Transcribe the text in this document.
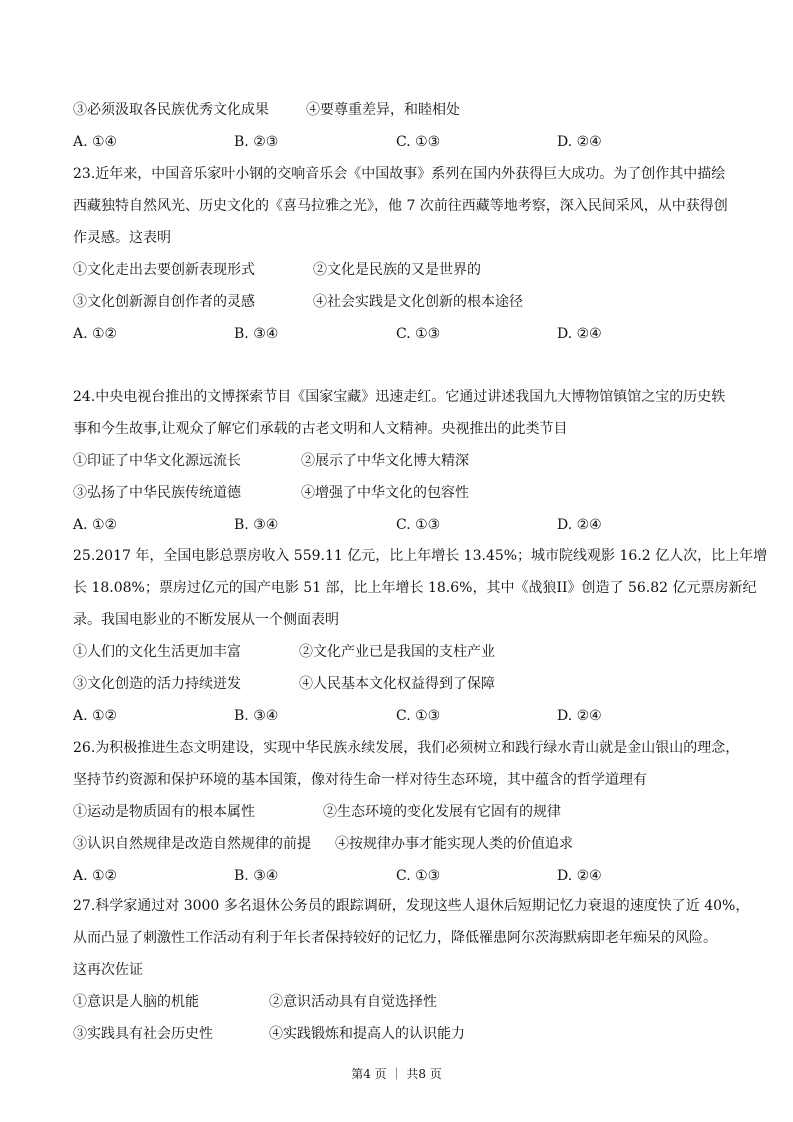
③必须汲取各民族优秀文化成果	④要尊重差异，和睦相处
A. ①④	B. ②③	C. ①③	D. ②④
23.近年来，中国音乐家叶小钢的交响音乐会《中国故事》系列在国内外获得巨大成功。为了创作其中描绘
西藏独特自然风光、历史文化的《喜马拉雅之光》，他 7 次前往西藏等地考察，深入民间采风，从中获得创
作灵感。这表明
①文化走出去要创新表现形式	②文化是民族的又是世界的
③文化创新源自创作者的灵感	④社会实践是文化创新的根本途径
A. ①②	B. ③④	C. ①③	D. ②④
24.中央电视台推出的文博探索节目《国家宝藏》迅速走红。它通过讲述我国九大博物馆镇馆之宝的历史轶
事和今生故事,让观众了解它们承载的古老文明和人文精神。央视推出的此类节目
①印证了中华文化源远流长	②展示了中华文化博大精深
③弘扬了中华民族传统道德	④增强了中华文化的包容性
A. ①②	B. ③④	C. ①③	D. ②④
25.2017 年，全国电影总票房收入 559.11 亿元，比上年增长 13.45%；城市院线观影 16.2 亿人次，比上年增
长 18.08%；票房过亿元的国产电影 51 部，比上年增长 18.6%，其中《战狼II》创造了 56.82 亿元票房新纪
录。我国电影业的不断发展从一个侧面表明
①人们的文化生活更加丰富	②文化产业已是我国的支柱产业
③文化创造的活力持续迸发	④人民基本文化权益得到了保障
A. ①②	B. ③④	C. ①③	D. ②④
26.为积极推进生态文明建设，实现中华民族永续发展，我们必须树立和践行绿水青山就是金山银山的理念，
坚持节约资源和保护环境的基本国策，像对待生命一样对待生态环境，其中蕴含的哲学道理有
①运动是物质固有的根本属性	②生态环境的变化发展有它固有的规律
③认识自然规律是改造自然规律的前提 ④按规律办事才能实现人类的价值追求
A. ①②	B. ③④	C. ①③	D. ②④
27.科学家通过对 3000 多名退休公务员的跟踪调研，发现这些人退休后短期记忆力衰退的速度快了近 40%，
从而凸显了刺激性工作活动有利于年长者保持较好的记忆力，降低罹患阿尔茨海默病即老年痴呆的风险。
这再次佐证
①意识是人脑的机能	②意识活动具有自觉选择性
③实践具有社会历史性	④实践锻炼和提高人的认识能力
第4 页 ｜ 共8 页
